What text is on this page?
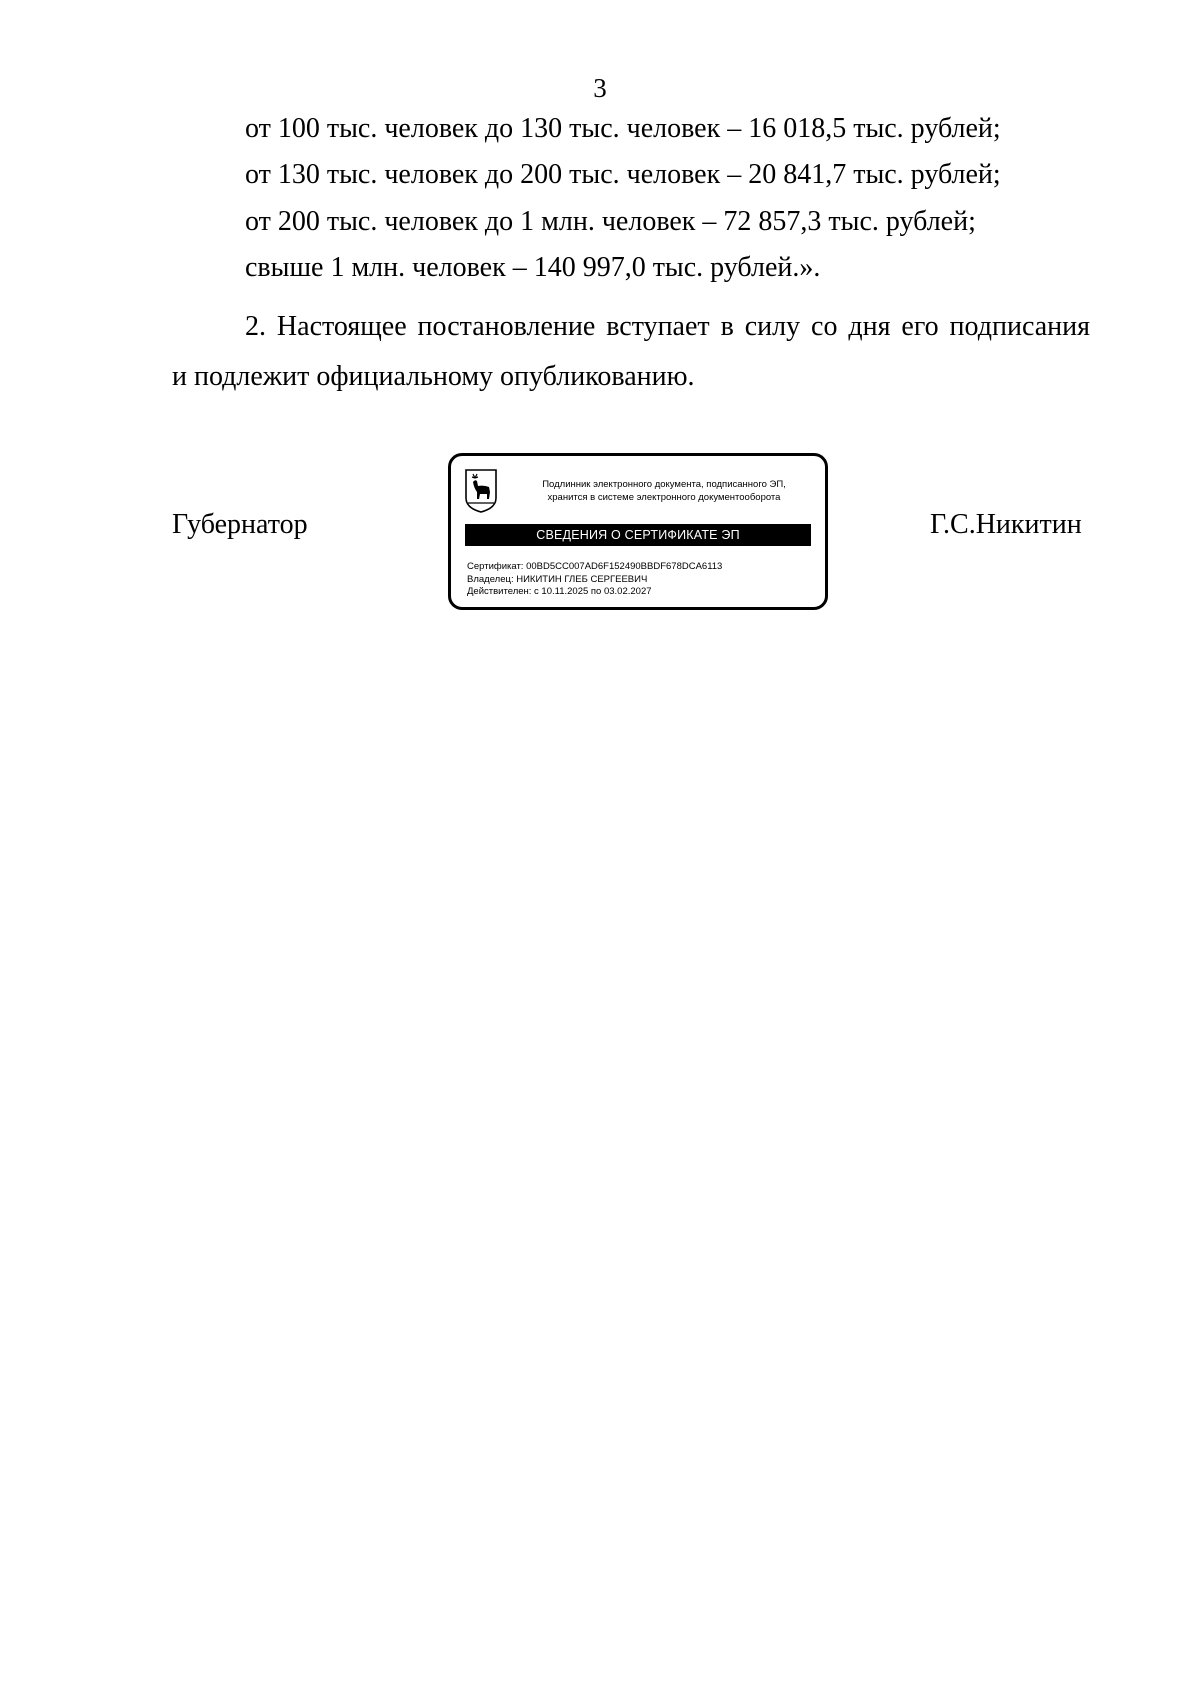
3
от 100 тыс. человек до 130 тыс. человек – 16 018,5 тыс. рублей;
от 130 тыс. человек до 200 тыс. человек – 20 841,7 тыс. рублей;
от 200 тыс. человек до 1 млн. человек – 72 857,3 тыс. рублей;
свыше 1 млн. человек – 140 997,0 тыс. рублей.».
2. Настоящее постановление вступает в силу со дня его подписания
и подлежит официальному опубликованию.
Губернатор
Подлинник электронного документа, подписанного ЭП,
хранится в системе электронного документооборота
СВЕДЕНИЯ О СЕРТИФИКАТЕ ЭП
Сертификат: 00BD5CC007AD6F152490BBDF678DCA6113
Владелец: НИКИТИН ГЛЕБ СЕРГЕЕВИЧ
Действителен: с 10.11.2025 по 03.02.2027
Г.С.Никитин
